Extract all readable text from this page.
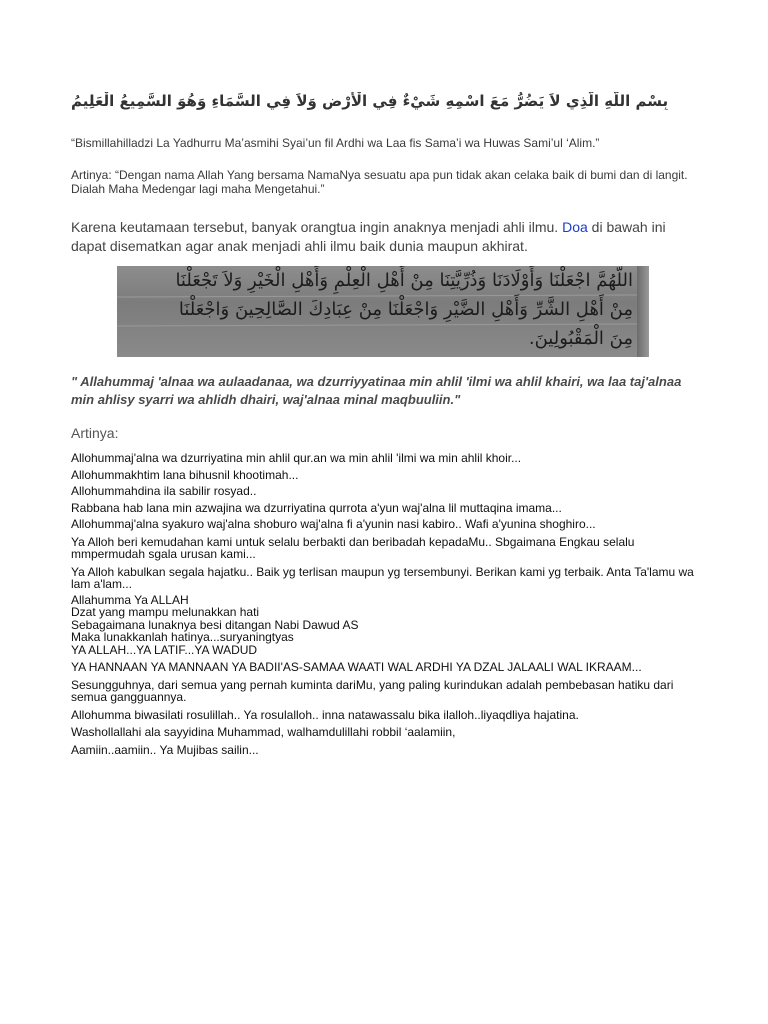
بِسْمِ اللَّهِ الَّذِي لاَ يَضُرُّ مَعَ اسْمِهِ شَيْءٌ فِي الْأَرْضِ وَلاَ فِي السَّمَاءِ وَهُوَ السَّمِيعُ الْعَلِيمُ
“Bismillahilladzi La Yadhurru Ma’asmihi Syai’un fil Ardhi wa Laa fis Sama’i wa Huwas Sami’ul ‘Alim.”
Artinya: “Dengan nama Allah Yang bersama NamaNya sesuatu apa pun tidak akan celaka baik di bumi dan di langit. Dialah Maha Medengar lagi maha Mengetahui.”
Karena keutamaan tersebut, banyak orangtua ingin anaknya menjadi ahli ilmu. Doa di bawah ini dapat disematkan agar anak menjadi ahli ilmu baik dunia maupun akhirat.
اللَّهُمَّ اجْعَلْنَا وَأَوْلَادَنَا وَذُرِّيَّتِنَا مِنْ أَهْلِ الْعِلْمِ وَأَهْلِ الْخَيْرِ وَلاَ تَجْعَلْنَا
مِنْ أَهْلِ الشَّرِّ وَأَهْلِ الضَّيْرِ وَاجْعَلْنَا مِنْ عِبَادِكَ الصَّالِحِينَ وَاجْعَلْنَا
مِنَ الْمَقْبُولِينَ.
" Allahummaj 'alnaa wa aulaadanaa, wa dzurriyyatinaa min ahlil 'ilmi wa ahlil khairi, wa laa taj'alnaa min ahlisy syarri wa ahlidh dhairi, waj'alnaa minal maqbuuliin."
Artinya:

Allohummaj'alna wa dzurriyatina min ahlil qur.an wa min ahlil 'ilmi wa min ahlil khoir...

Allohummakhtim lana bihusnil khootimah...

Allohummahdina ila sabilir rosyad..

Rabbana hab lana min azwajina wa dzurriyatina qurrota a'yun waj'alna lil muttaqina imama...

Allohummaj'alna syakuro waj'alna shoburo waj'alna fi a'yunin nasi kabiro.. Wafi a'yunina shoghiro...

Ya Alloh beri kemudahan kami untuk selalu berbakti dan beribadah kepadaMu.. Sbgaimana Engkau selalu mmpermudah sgala urusan kami...

Ya Alloh kabulkan segala hajatku.. Baik yg terlisan maupun yg tersembunyi. Berikan kami yg terbaik. Anta Ta'lamu wa lam a'lam...

Allahumma Ya ALLAH

Dzat yang mampu melunakkan hati

Sebagaimana lunaknya besi ditangan Nabi Dawud AS

Maka lunakkanlah hatinya...suryaningtyas

YA ALLAH...YA LATIF...YA WADUD

YA HANNAAN YA MANNAAN YA BADII'AS-SAMAA WAATI WAL ARDHI YA DZAL JALAALI WAL IKRAAM...

Sesungguhnya, dari semua yang pernah kuminta dariMu, yang paling kurindukan adalah pembebasan hatiku dari semua gangguannya.

Allohumma biwasilati rosulillah.. Ya rosulalloh.. inna natawassalu bika ilalloh..liyaqdliya hajatina.

Washollallahi ala sayyidina Muhammad, walhamdulillahi robbil ‘aalamiin,

Aamiin..aamiin.. Ya Mujibas sailin...
